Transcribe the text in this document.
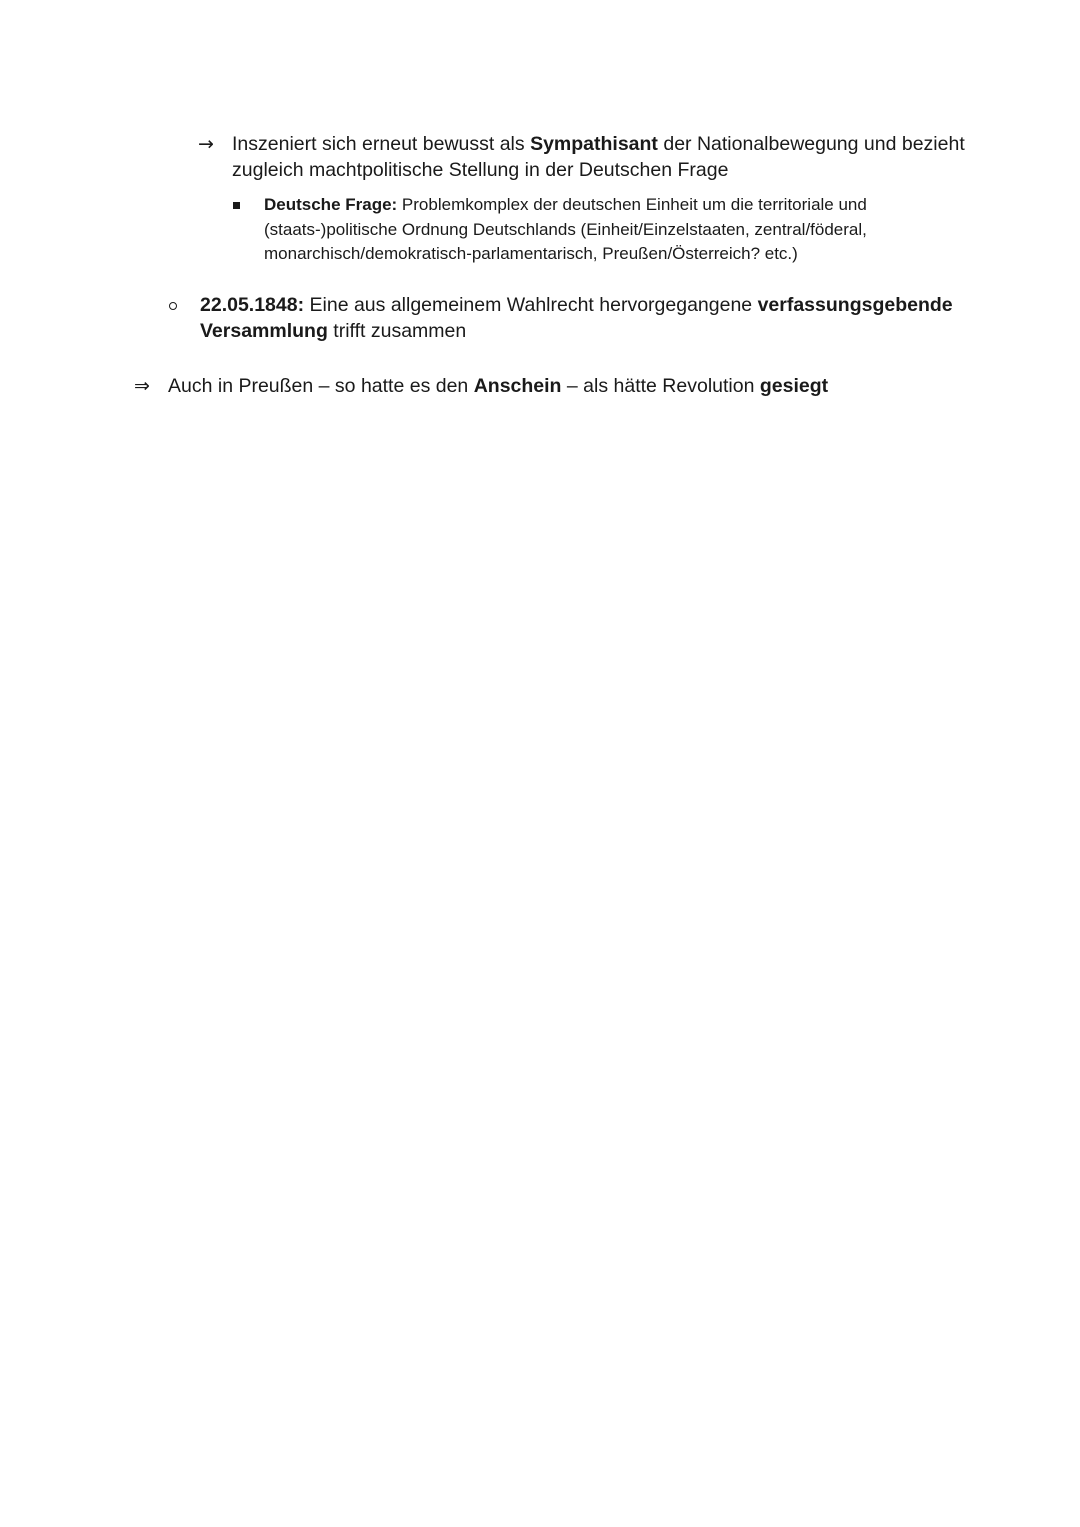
→ Inszeniert sich erneut bewusst als Sympathisant der Nationalbewegung und bezieht
zugleich machtpolitische Stellung in der Deutschen Frage
Deutsche Frage: Problemkomplex der deutschen Einheit um die territoriale und
(staats-)politische Ordnung Deutschlands (Einheit/Einzelstaaten, zentral/föderal,
monarchisch/demokratisch-parlamentarisch, Preußen/Österreich? etc.)
22.05.1848: Eine aus allgemeinem Wahlrecht hervorgegangene verfassungsgebende
Versammlung trifft zusammen
⇒ Auch in Preußen – so hatte es den Anschein – als hätte Revolution gesiegt
